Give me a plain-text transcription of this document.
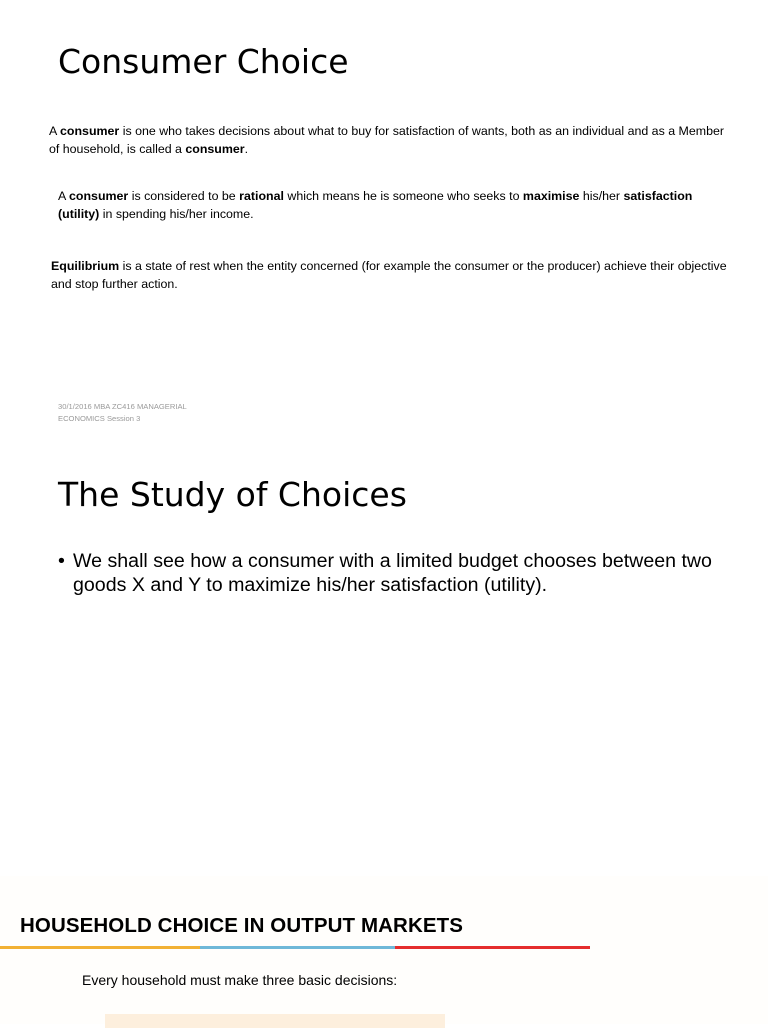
Consumer Choice

A consumer is one who takes decisions about what to buy for satisfaction of wants, both as an individual and as a Member of household, is called a consumer.

A consumer is considered to be rational which means he is someone who seeks to maximise his/her satisfaction (utility) in spending his/her income.

Equilibrium is a state of rest when the entity concerned (for example the consumer or the producer) achieve their objective and stop further action.

30/1/2016 MBA ZC416 MANAGERIAL ECONOMICS Session 3
The Study of Choices
• We shall see how a consumer with a limited budget chooses between two goods X and Y to maximize his/her satisfaction (utility).
HOUSEHOLD CHOICE IN OUTPUT MARKETS

Every household must make three basic decisions:
